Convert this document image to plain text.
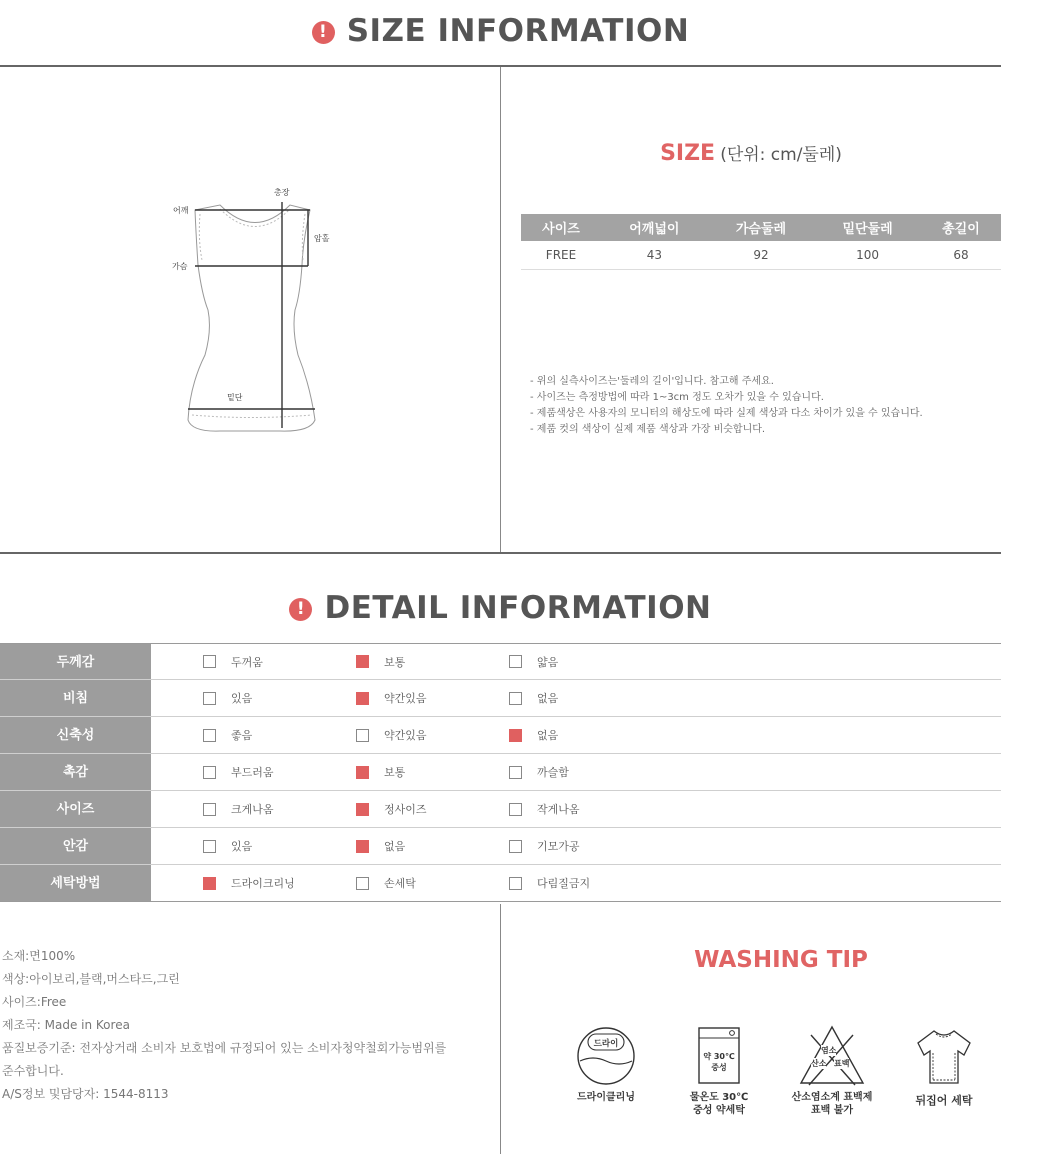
! SIZE INFORMATION
어깨
총장
암홀
가슴
밑단
SIZE (단위: cm/둘레)
사이즈	어깨넓이	가슴둘레	밑단둘레	총길이
FREE	43	92	100	68
- 위의 실측사이즈는'둘레의 길이'입니다. 참고해 주세요.
- 사이즈는 측정방법에 따라 1~3cm 정도 오차가 있을 수 있습니다.
- 제품색상은 사용자의 모니터의 해상도에 따라 실제 색상과 다소 차이가 있을 수 있습니다.
- 제품 컷의 색상이 실제 제품 색상과 가장 비슷합니다.
! DETAIL INFORMATION
두께감	두꺼움	보통	얇음
비침	있음	약간있음	없음
신축성	좋음	약간있음	없음
촉감	부드러움	보통	까슬함
사이즈	크게나옴	정사이즈	작게나옴
안감	있음	없음	기모가공
세탁방법	드라이크리닝	손세탁	다림질금지
소재:면100%
색상:아이보리,블랙,머스타드,그린
사이즈:Free
제조국: Made in Korea
품질보증기준: 전자상거래 소비자 보호법에 규정되어 있는 소비자청약철회가능범위를
준수합니다.
A/S정보 및담당자: 1544-8113
WASHING TIP
드라이
드라이클리닝
약 30℃
중성
물온도 30℃
중성 약세탁
염소
산소 표백
산소염소계 표백제
표백 불가
뒤집어 세탁
